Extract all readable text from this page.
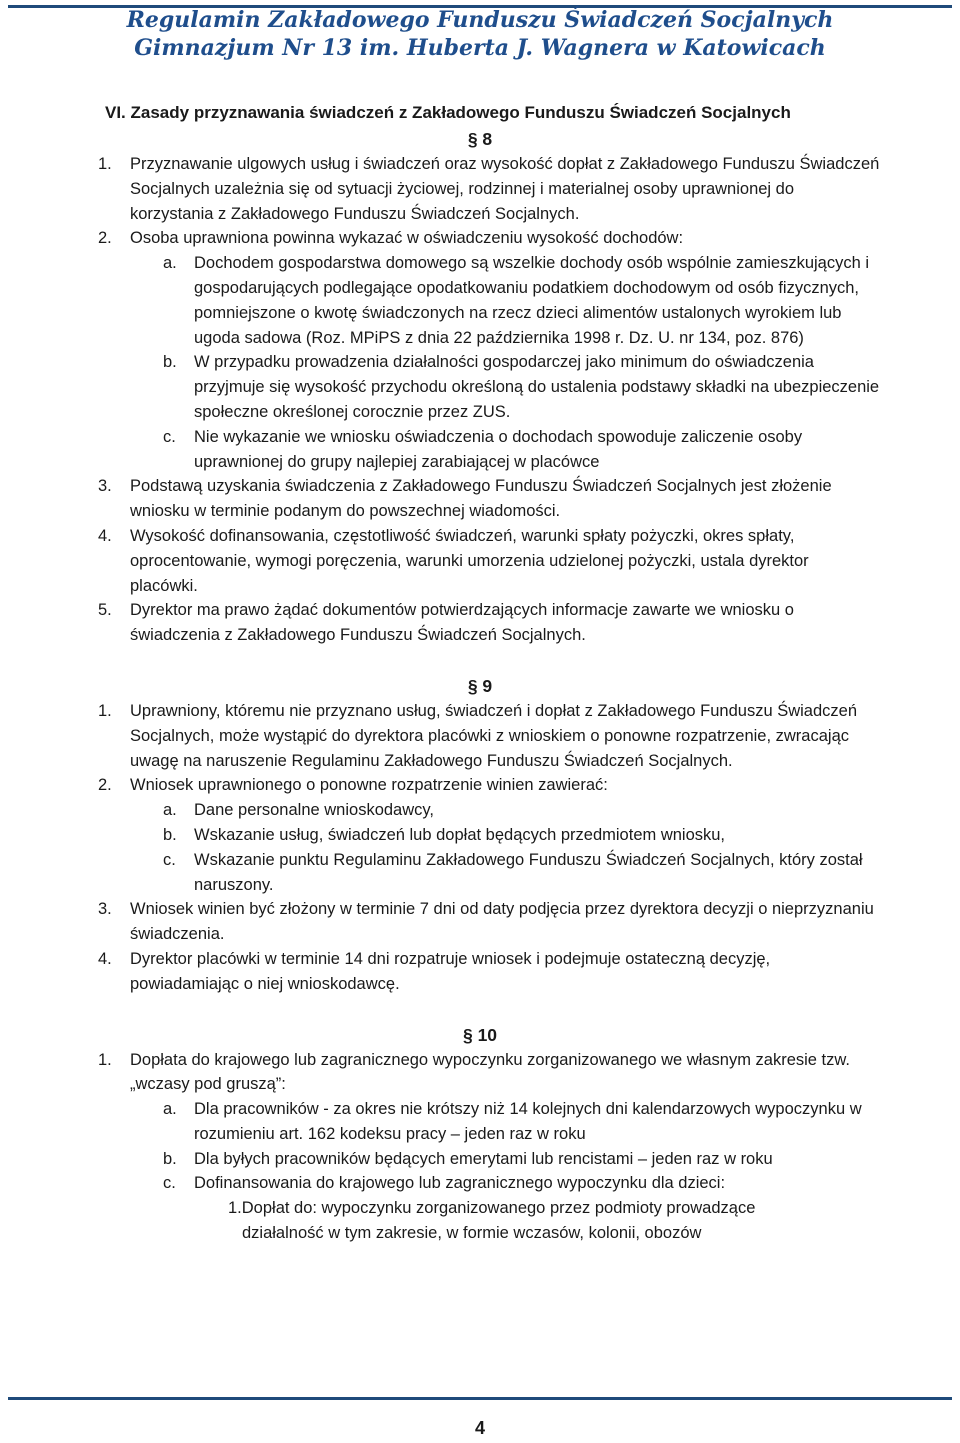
Regulamin Zakładowego Funduszu Świadczeń Socjalnych
Gimnazjum Nr 13 im. Huberta J. Wagnera w Katowicach
VI. Zasady przyznawania świadczeń z Zakładowego Funduszu Świadczeń Socjalnych
§ 8
1. Przyznawanie ulgowych usług i świadczeń oraz wysokość dopłat z Zakładowego Funduszu Świadczeń Socjalnych uzależnia się od sytuacji życiowej, rodzinnej i materialnej osoby uprawnionej do korzystania z Zakładowego Funduszu Świadczeń Socjalnych.
2. Osoba uprawniona powinna wykazać w oświadczeniu wysokość dochodów:
a. Dochodem gospodarstwa domowego są wszelkie dochody osób wspólnie zamieszkujących i gospodarujących podlegające opodatkowaniu podatkiem dochodowym od osób fizycznych, pomniejszone o kwotę świadczonych na rzecz dzieci alimentów ustalonych wyrokiem lub ugoda sadowa (Roz. MPiPS z dnia 22 października 1998 r. Dz. U. nr 134, poz. 876)
b. W przypadku prowadzenia działalności gospodarczej jako minimum do oświadczenia przyjmuje się wysokość przychodu określoną do ustalenia podstawy składki na ubezpieczenie społeczne określonej corocznie przez ZUS.
c. Nie wykazanie we wniosku oświadczenia o dochodach spowoduje zaliczenie osoby uprawnionej do grupy najlepiej zarabiającej w placówce
3. Podstawą uzyskania świadczenia z Zakładowego Funduszu Świadczeń Socjalnych jest złożenie wniosku w terminie podanym do powszechnej wiadomości.
4. Wysokość dofinansowania, częstotliwość świadczeń, warunki spłaty pożyczki, okres spłaty, oprocentowanie, wymogi poręczenia, warunki umorzenia udzielonej pożyczki, ustala dyrektor placówki.
5. Dyrektor ma prawo żądać dokumentów potwierdzających informacje zawarte we wniosku o świadczenia z Zakładowego Funduszu Świadczeń Socjalnych.
§ 9
1. Uprawniony, któremu nie przyznano usług, świadczeń i dopłat z Zakładowego Funduszu Świadczeń Socjalnych, może wystąpić do dyrektora placówki z wnioskiem o ponowne rozpatrzenie, zwracając uwagę na naruszenie Regulaminu Zakładowego Funduszu Świadczeń Socjalnych.
2. Wniosek uprawnionego o ponowne rozpatrzenie winien zawierać:
a. Dane personalne wnioskodawcy,
b. Wskazanie usług, świadczeń lub dopłat będących przedmiotem wniosku,
c. Wskazanie punktu Regulaminu Zakładowego Funduszu Świadczeń Socjalnych, który został naruszony.
3. Wniosek winien być złożony w terminie 7 dni od daty podjęcia przez dyrektora decyzji o nieprzyznaniu świadczenia.
4. Dyrektor placówki w terminie 14 dni rozpatruje wniosek i podejmuje ostateczną decyzję, powiadamiając o niej wnioskodawcę.
§ 10
1. Dopłata do krajowego lub zagranicznego wypoczynku zorganizowanego we własnym zakresie tzw. „wczasy pod gruszą”:
a. Dla pracowników - za okres nie krótszy niż 14 kolejnych dni kalendarzowych wypoczynku w rozumieniu art. 162 kodeksu pracy – jeden raz w roku
b. Dla byłych pracowników będących emerytami lub rencistami – jeden raz w roku
c. Dofinansowania do krajowego lub zagranicznego wypoczynku dla dzieci:
1.Dopłat do: wypoczynku zorganizowanego przez podmioty prowadzące
działalność w tym zakresie, w formie wczasów, kolonii, obozów
4
